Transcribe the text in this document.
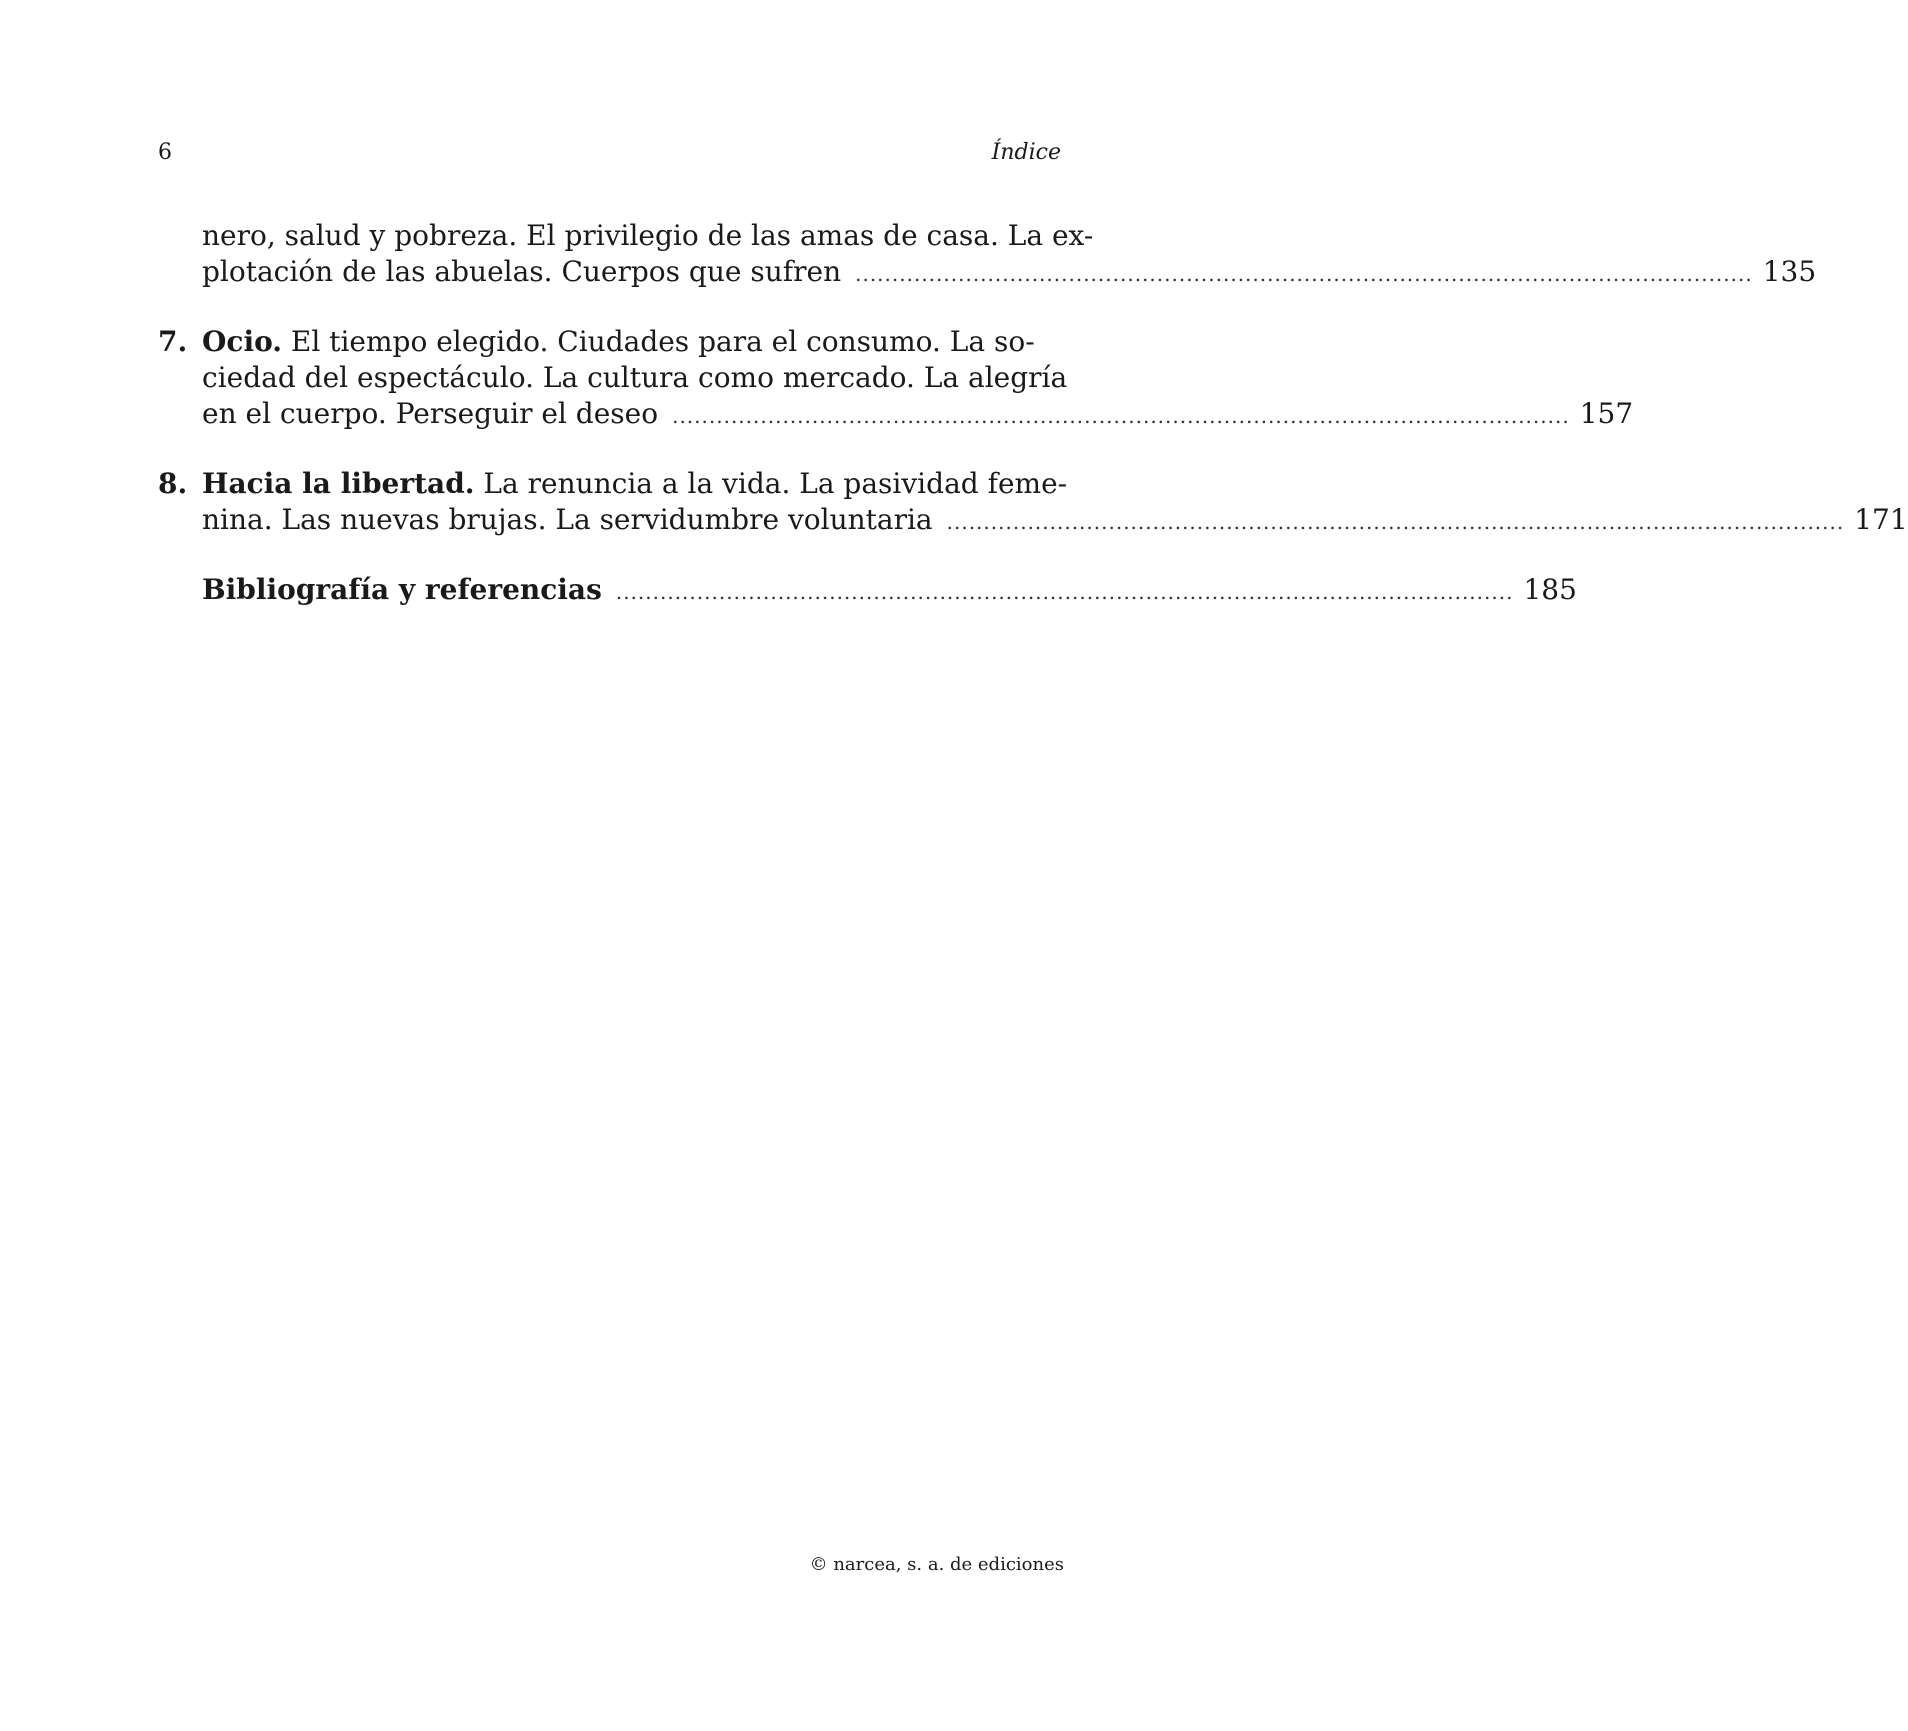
6	Índice
nero, salud y pobreza. El privilegio de las amas de casa. La ex-
plotación de las abuelas. Cuerpos que sufren .......................................................................................................................... 135
7. Ocio. El tiempo elegido. Ciudades para el consumo. La so-
ciedad del espectáculo. La cultura como mercado. La alegría
en el cuerpo. Perseguir el deseo .......................................................................................................................... 157
8. Hacia la libertad. La renuncia a la vida. La pasividad feme-
nina. Las nuevas brujas. La servidumbre voluntaria .......................................................................................................................... 171
Bibliografía y referencias .......................................................................................................................... 185
© narcea, s. a. de ediciones
